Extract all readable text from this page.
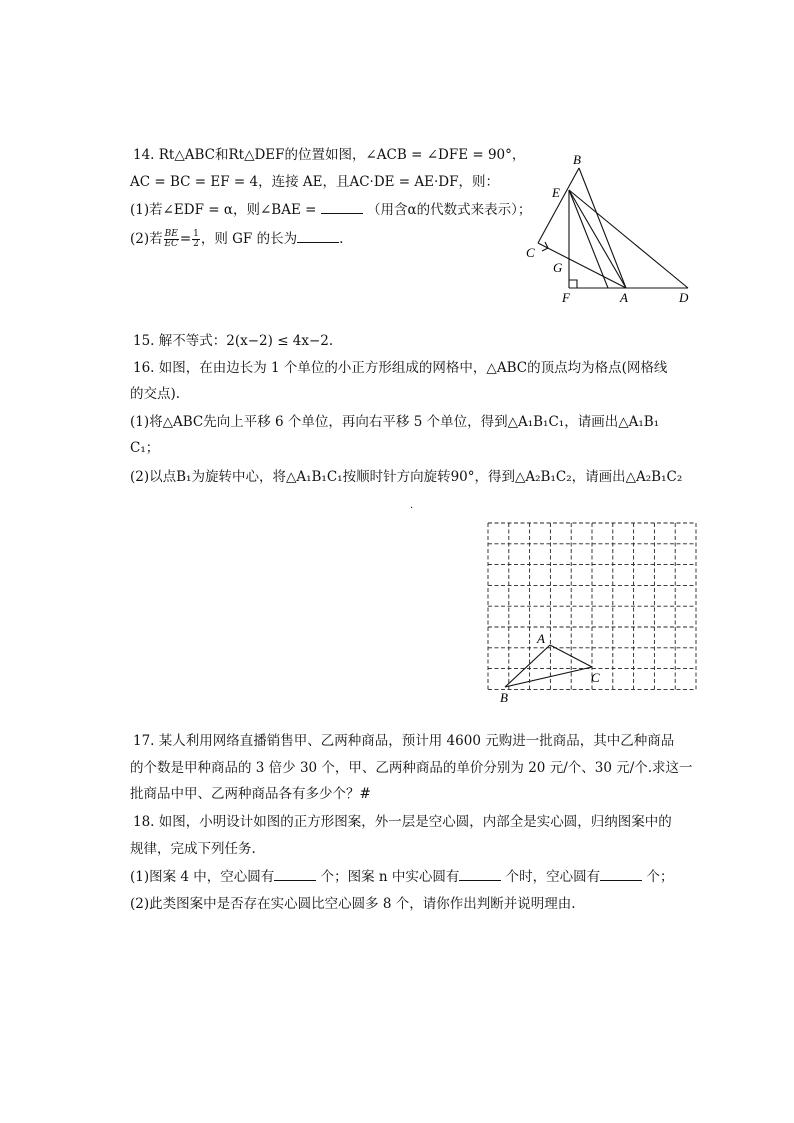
14. Rt△ABC和Rt△DEF的位置如图，∠ACB = ∠DFE = 90°，
AC = BC = EF = 4，连接 AE，且AC·DE = AE·DF，则：
(1)若∠EDF = α，则∠BAE =	（用含α的代数式来表示）；
(2)若 $\frac{BE}{EC} = \frac{1}{2}$ ，则 GF 的长为	.
B
E
C
G
F	A	D
15. 解不等式：2(x−2) ≤ 4x−2.
16. 如图，在由边长为 1 个单位的小正方形组成的网格中，△ABC的顶点均为格点(网格线
的交点).
(1)将△ABC先向上平移 6 个单位，再向右平移 5 个单位，得到△A₁B₁C₁，请画出△A₁B₁
C₁；
(2)以点B₁为旋转中心，将△A₁B₁C₁按顺时针方向旋转90°，得到△A₂B₁C₂，请画出△A₂B₁C₂
.
A
B
C
17. 某人利用网络直播销售甲、乙两种商品，预计用 4600 元购进一批商品，其中乙种商品
的个数是甲种商品的 3 倍少 30 个，甲、乙两种商品的单价分别为 20 元/个、30 元/个.求这一
批商品中甲、乙两种商品各有多少个？#
18. 如图，小明设计如图的正方形图案，外一层是空心圆，内部全是实心圆，归纳图案中的
规律，完成下列任务.
(1)图案 4 中，空心圆有	个；图案 n 中实心圆有	个时，空心圆有	个；
(2)此类图案中是否存在实心圆比空心圆多 8 个，请你作出判断并说明理由.
